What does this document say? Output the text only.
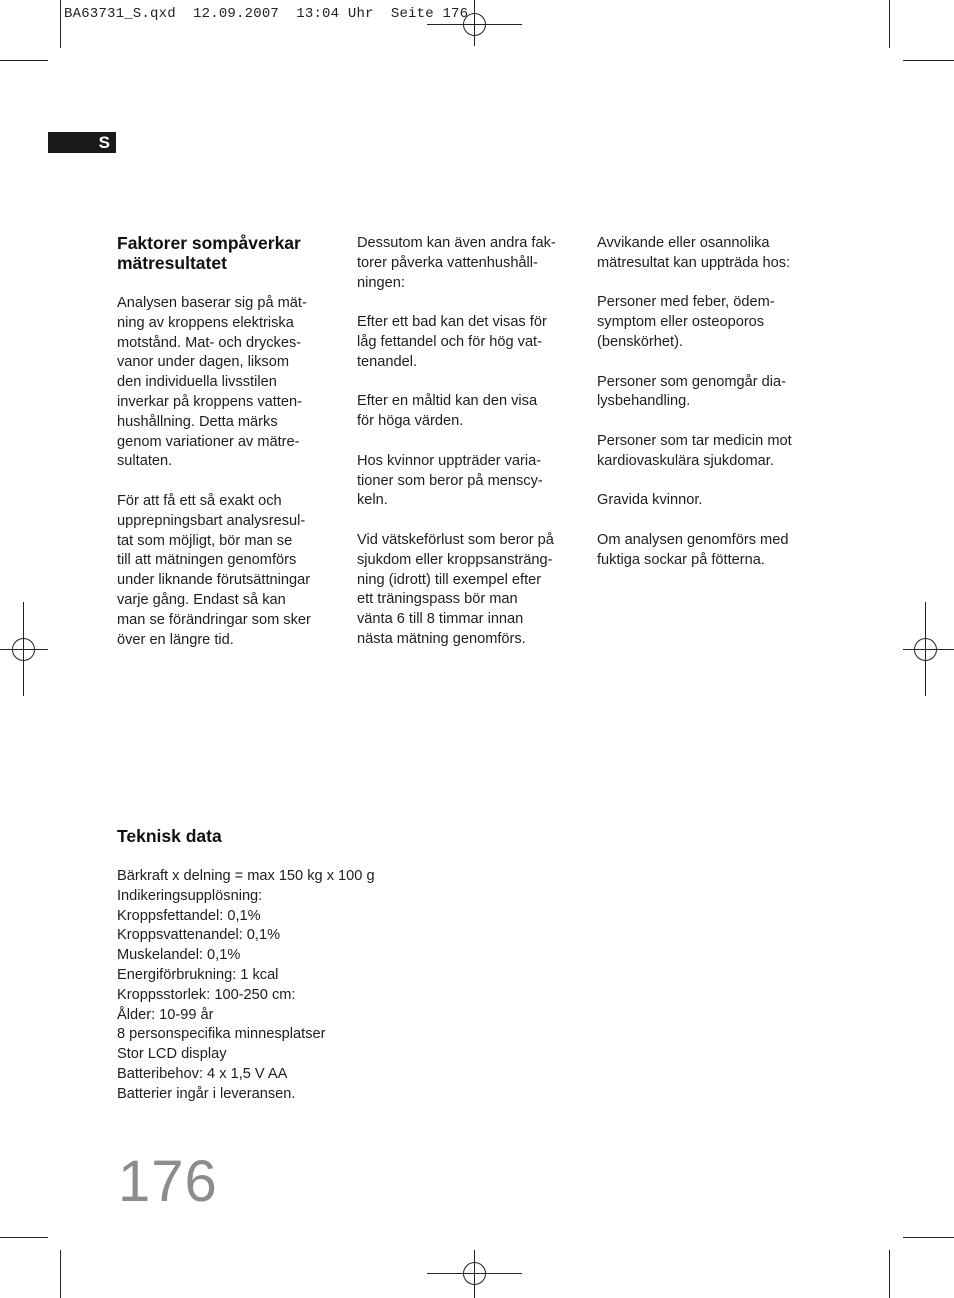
BA63731_S.qxd  12.09.2007  13:04 Uhr  Seite 176
S
Faktorer sompåverkar
mätresultatet

Analysen baserar sig på mät-
ning av kroppens elektriska
motstånd. Mat- och dryckes-
vanor under dagen, liksom
den individuella livsstilen
inverkar på kroppens vatten-
hushållning. Detta märks
genom variationer av mätre-
sultaten.

För att få ett så exakt och
upprepningsbart analysresul-
tat som möjligt, bör man se
till att mätningen genomförs
under liknande förutsättningar
varje gång. Endast så kan
man se förändringar som sker
över en längre tid.

Dessutom kan även andra fak-
torer påverka vattenhushåll-
ningen:

Efter ett bad kan det visas för
låg fettandel och för hög vat-
tenandel.

Efter en måltid kan den visa
för höga värden.

Hos kvinnor uppträder varia-
tioner som beror på menscy-
keln.

Vid vätskeförlust som beror på
sjukdom eller kroppsansträng-
ning (idrott) till exempel efter
ett träningspass bör man
vänta 6 till 8 timmar innan
nästa mätning genomförs.

Avvikande eller osannolika
mätresultat kan uppträda hos:

Personer med feber, ödem-
symptom eller osteoporos
(benskörhet).

Personer som genomgår dia-
lysbehandling.

Personer som tar medicin mot
kardiovaskulära sjukdomar.

Gravida kvinnor.

Om analysen genomförs med
fuktiga sockar på fötterna.

Teknisk data
Bärkraft x delning = max 150 kg x 100 g
Indikeringsupplösning:
Kroppsfettandel: 0,1%
Kroppsvattenandel: 0,1%
Muskelandel: 0,1%
Energiförbrukning: 1 kcal
Kroppsstorlek: 100-250 cm:
Ålder: 10-99 år
8 personspecifika minnesplatser
Stor LCD display
Batteribehov: 4 x 1,5 V AA
Batterier ingår i leveransen.
176
